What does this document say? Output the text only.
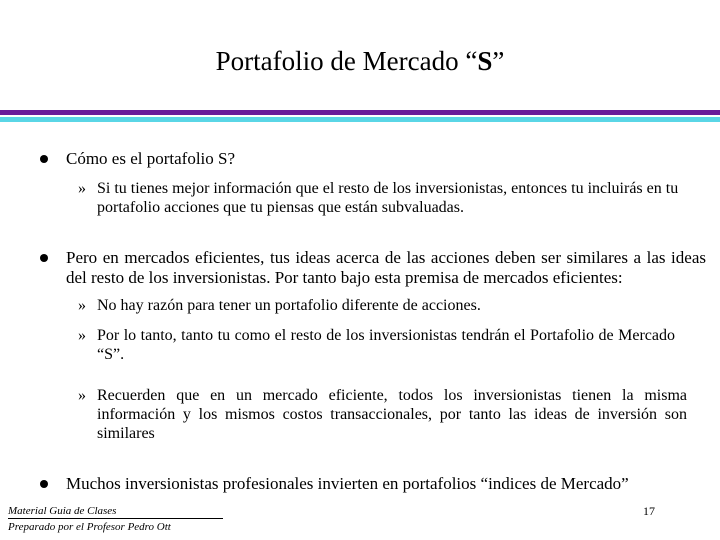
Portafolio de Mercado “S”
Cómo es el portafolio S?
» Si tu tienes mejor información que el resto de los inversionistas, entonces tu incluirás en tu portafolio acciones que tu piensas que están subvaluadas.
Pero en mercados eficientes, tus ideas acerca de las acciones deben ser similares a las ideas del resto de los inversionistas. Por tanto bajo esta premisa de mercados eficientes:
» No hay razón para tener un portafolio diferente de acciones.
» Por lo tanto, tanto tu como el resto de los inversionistas tendrán el Portafolio de Mercado “S”.
» Recuerden que en un mercado eficiente, todos los inversionistas tienen la misma información y los mismos costos transaccionales, por tanto las ideas de inversión son similares
Muchos inversionistas profesionales invierten en portafolios “indices de Mercado”
Material Guia de Clases
Preparado por el Profesor Pedro Ott
17
